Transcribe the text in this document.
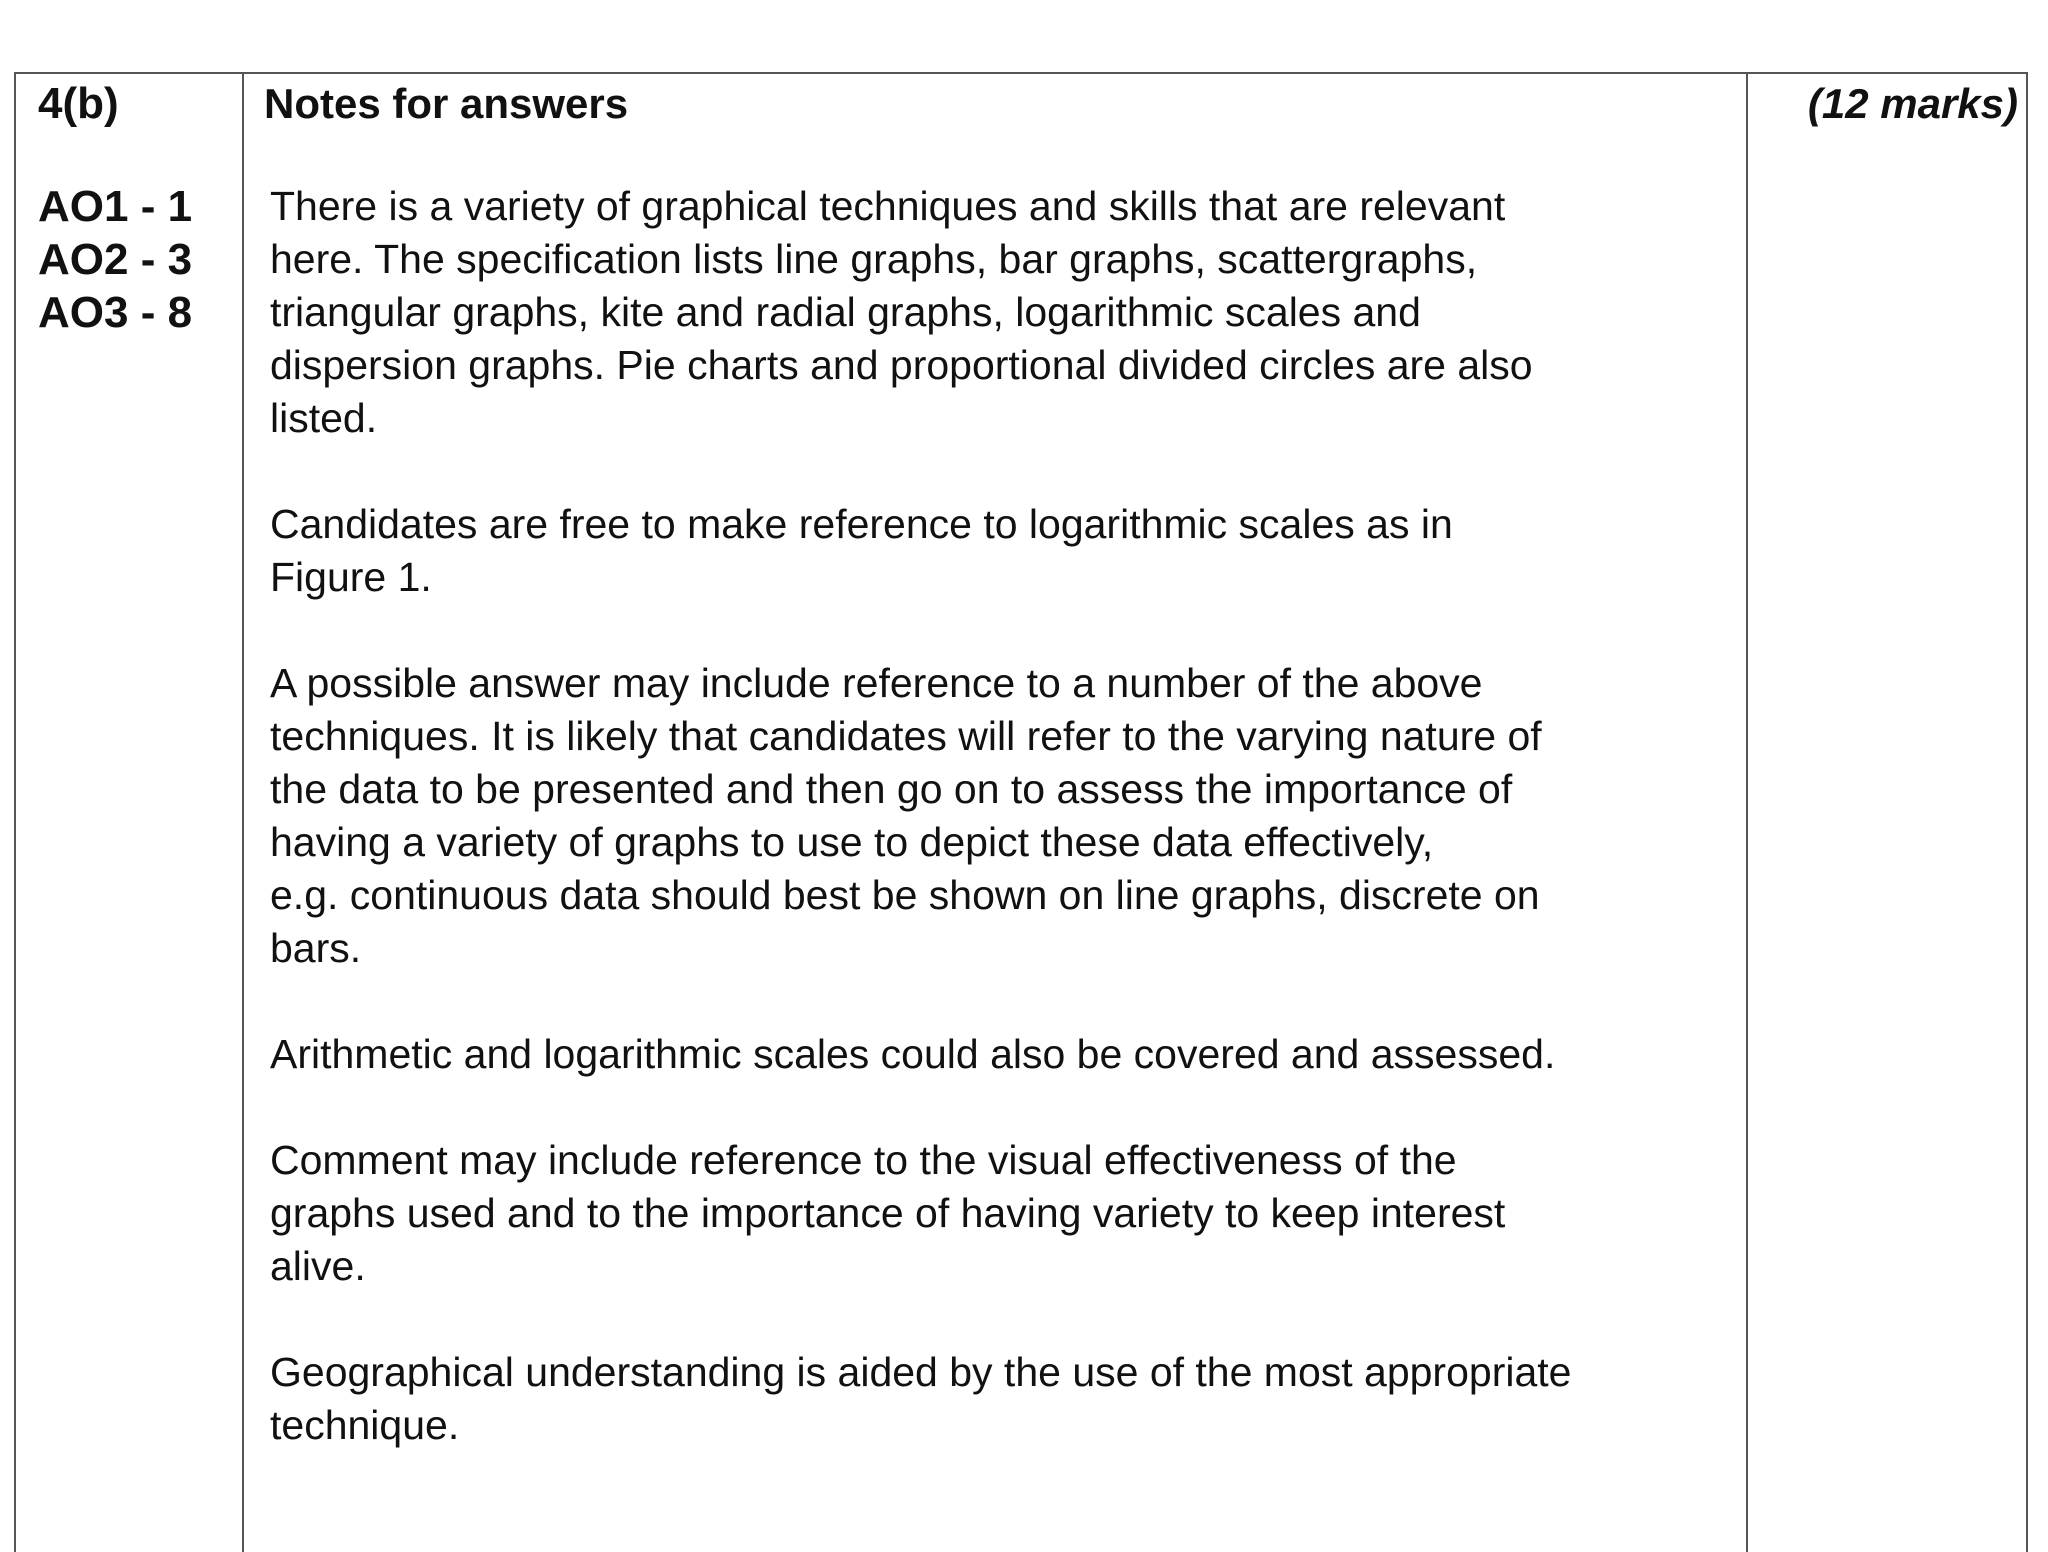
4(b)
AO1 - 1
AO2 - 3
AO3 - 8
Notes for answers

There is a variety of graphical techniques and skills that are relevant
here. The specification lists line graphs, bar graphs, scattergraphs,
triangular graphs, kite and radial graphs, logarithmic scales and
dispersion graphs. Pie charts and proportional divided circles are also
listed.

Candidates are free to make reference to logarithmic scales as in
Figure 1.

A possible answer may include reference to a number of the above
techniques. It is likely that candidates will refer to the varying nature of
the data to be presented and then go on to assess the importance of
having a variety of graphs to use to depict these data effectively,
e.g. continuous data should best be shown on line graphs, discrete on
bars.

Arithmetic and logarithmic scales could also be covered and assessed.

Comment may include reference to the visual effectiveness of the
graphs used and to the importance of having variety to keep interest
alive.

Geographical understanding is aided by the use of the most appropriate
technique.

(12 marks)
